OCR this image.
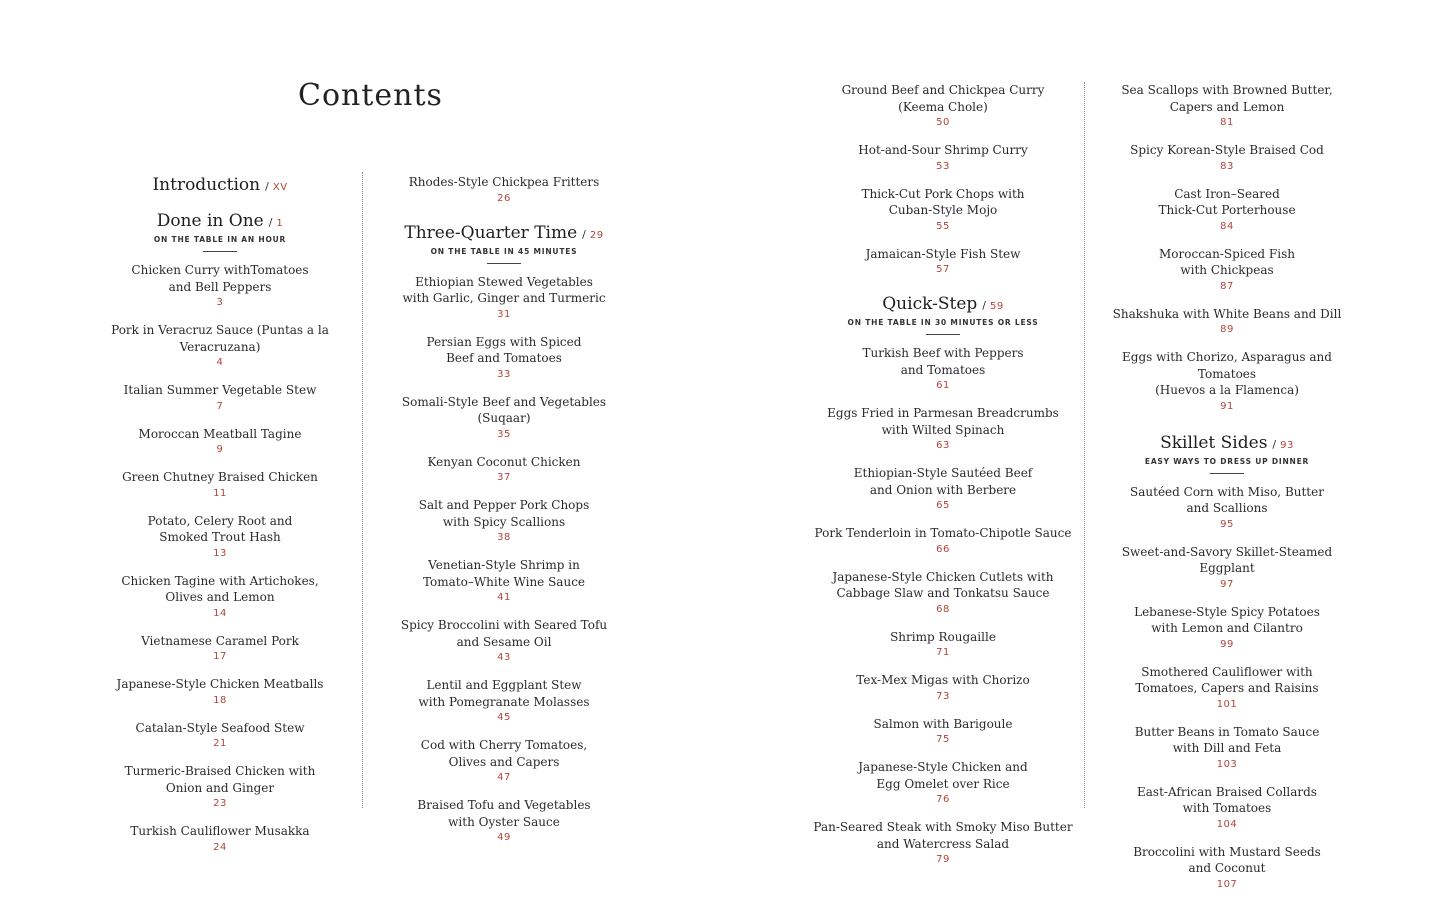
Contents
Introduction / XV
Done in One / 1
ON THE TABLE IN AN HOUR
Chicken Curry withTomatoes
and Bell Peppers
3
Pork in Veracruz Sauce (Puntas a la
Veracruzana)
4
Italian Summer Vegetable Stew
7
Moroccan Meatball Tagine
9
Green Chutney Braised Chicken
11
Potato, Celery Root and
Smoked Trout Hash
13
Chicken Tagine with Artichokes,
Olives and Lemon
14
Vietnamese Caramel Pork
17
Japanese-Style Chicken Meatballs
18
Catalan-Style Seafood Stew
21
Turmeric-Braised Chicken with
Onion and Ginger
23
Turkish Cauliflower Musakka
24
Rhodes-Style Chickpea Fritters
26
Three-Quarter Time / 29
ON THE TABLE IN 45 MINUTES
Ethiopian Stewed Vegetables
with Garlic, Ginger and Turmeric
31
Persian Eggs with Spiced
Beef and Tomatoes
33
Somali-Style Beef and Vegetables
(Suqaar)
35
Kenyan Coconut Chicken
37
Salt and Pepper Pork Chops
with Spicy Scallions
38
Venetian-Style Shrimp in
Tomato–White Wine Sauce
41
Spicy Broccolini with Seared Tofu
and Sesame Oil
43
Lentil and Eggplant Stew
with Pomegranate Molasses
45
Cod with Cherry Tomatoes,
Olives and Capers
47
Braised Tofu and Vegetables
with Oyster Sauce
49
Ground Beef and Chickpea Curry
(Keema Chole)
50
Hot-and-Sour Shrimp Curry
53
Thick-Cut Pork Chops with
Cuban-Style Mojo
55
Jamaican-Style Fish Stew
57
Quick-Step / 59
ON THE TABLE IN 30 MINUTES OR LESS
Turkish Beef with Peppers
and Tomatoes
61
Eggs Fried in Parmesan Breadcrumbs
with Wilted Spinach
63
Ethiopian-Style Sautéed Beef
and Onion with Berbere
65
Pork Tenderloin in Tomato-Chipotle Sauce
66
Japanese-Style Chicken Cutlets with
Cabbage Slaw and Tonkatsu Sauce
68
Shrimp Rougaille
71
Tex-Mex Migas with Chorizo
73
Salmon with Barigoule
75
Japanese-Style Chicken and
Egg Omelet over Rice
76
Pan-Seared Steak with Smoky Miso Butter
and Watercress Salad
79
Sea Scallops with Browned Butter,
Capers and Lemon
81
Spicy Korean-Style Braised Cod
83
Cast Iron–Seared
Thick-Cut Porterhouse
84
Moroccan-Spiced Fish
with Chickpeas
87
Shakshuka with White Beans and Dill
89
Eggs with Chorizo, Asparagus and Tomatoes
(Huevos a la Flamenca)
91
Skillet Sides / 93
EASY WAYS TO DRESS UP DINNER
Sautéed Corn with Miso, Butter
and Scallions
95
Sweet-and-Savory Skillet-Steamed Eggplant
97
Lebanese-Style Spicy Potatoes
with Lemon and Cilantro
99
Smothered Cauliflower with
Tomatoes, Capers and Raisins
101
Butter Beans in Tomato Sauce
with Dill and Feta
103
East-African Braised Collards
with Tomatoes
104
Broccolini with Mustard Seeds
and Coconut
107
